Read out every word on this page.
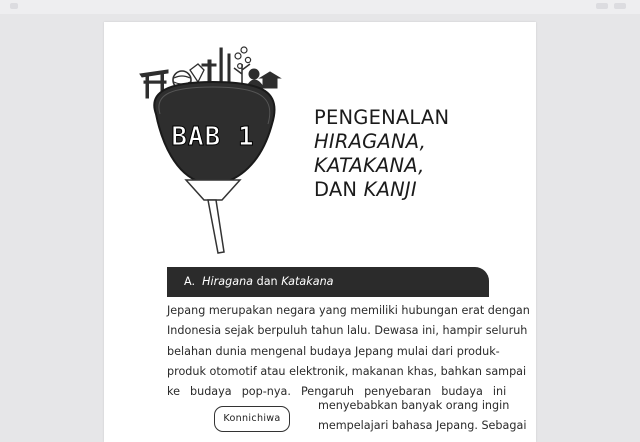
BAB 1
PENGENALAN
HIRAGANA,
KATAKANA,
DAN KANJI
A. Hiragana dan Katakana
Jepang merupakan negara yang memiliki hubungan erat dengan
Indonesia sejak berpuluh tahun lalu. Dewasa ini, hampir seluruh
belahan dunia mengenal budaya Jepang mulai dari produk-
produk otomotif atau elektronik, makanan khas, bahkan sampai
ke budaya pop-nya. Pengaruh penyebaran budaya ini
menyebabkan banyak orang ingin
mempelajari bahasa Jepang. Sebagai
Konnichiwa
